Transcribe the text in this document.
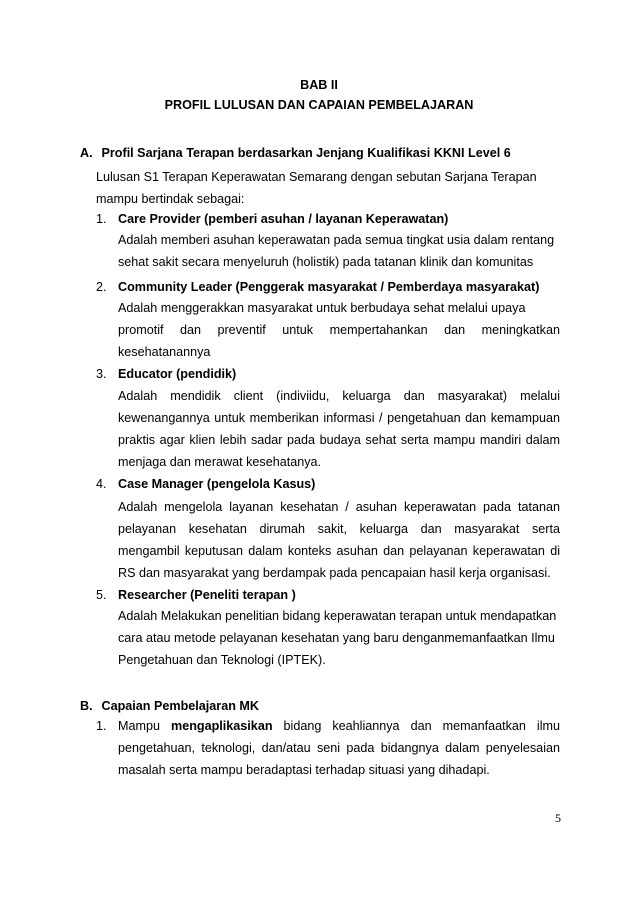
BAB II
PROFIL LULUSAN DAN CAPAIAN PEMBELAJARAN
A. Profil Sarjana Terapan berdasarkan Jenjang Kualifikasi KKNI Level 6
Lulusan S1 Terapan Keperawatan Semarang dengan sebutan Sarjana Terapan
mampu bertindak sebagai:
1. Care Provider (pemberi asuhan / layanan Keperawatan)
Adalah memberi asuhan keperawatan pada semua tingkat usia dalam rentang
sehat sakit secara menyeluruh (holistik) pada tatanan klinik dan komunitas
2. Community Leader (Penggerak masyarakat / Pemberdaya masyarakat)
Adalah menggerakkan masyarakat untuk berbudaya sehat melalui upaya
promotif dan preventif untuk mempertahankan dan meningkatkan
kesehatanannya
3. Educator (pendidik)
Adalah mendidik client (indiviidu, keluarga dan masyarakat) melalui
kewenangannya untuk memberikan informasi / pengetahuan dan kemampuan
praktis agar klien lebih sadar pada budaya sehat serta mampu mandiri dalam
menjaga dan merawat kesehatanya.
4. Case Manager (pengelola Kasus)
Adalah mengelola layanan kesehatan / asuhan keperawatan pada tatanan
pelayanan kesehatan dirumah sakit, keluarga dan masyarakat serta
mengambil keputusan dalam konteks asuhan dan pelayanan keperawatan di
RS dan masyarakat yang berdampak pada pencapaian hasil kerja organisasi.
5. Researcher (Peneliti terapan )
Adalah Melakukan penelitian bidang keperawatan terapan untuk mendapatkan
cara atau metode pelayanan kesehatan yang baru denganmemanfaatkan Ilmu
Pengetahuan dan Teknologi (IPTEK).
B. Capaian Pembelajaran MK
1. Mampu mengaplikasikan bidang keahliannya dan memanfaatkan ilmu
pengetahuan, teknologi, dan/atau seni pada bidangnya dalam penyelesaian
masalah serta mampu beradaptasi terhadap situasi yang dihadapi.
5
